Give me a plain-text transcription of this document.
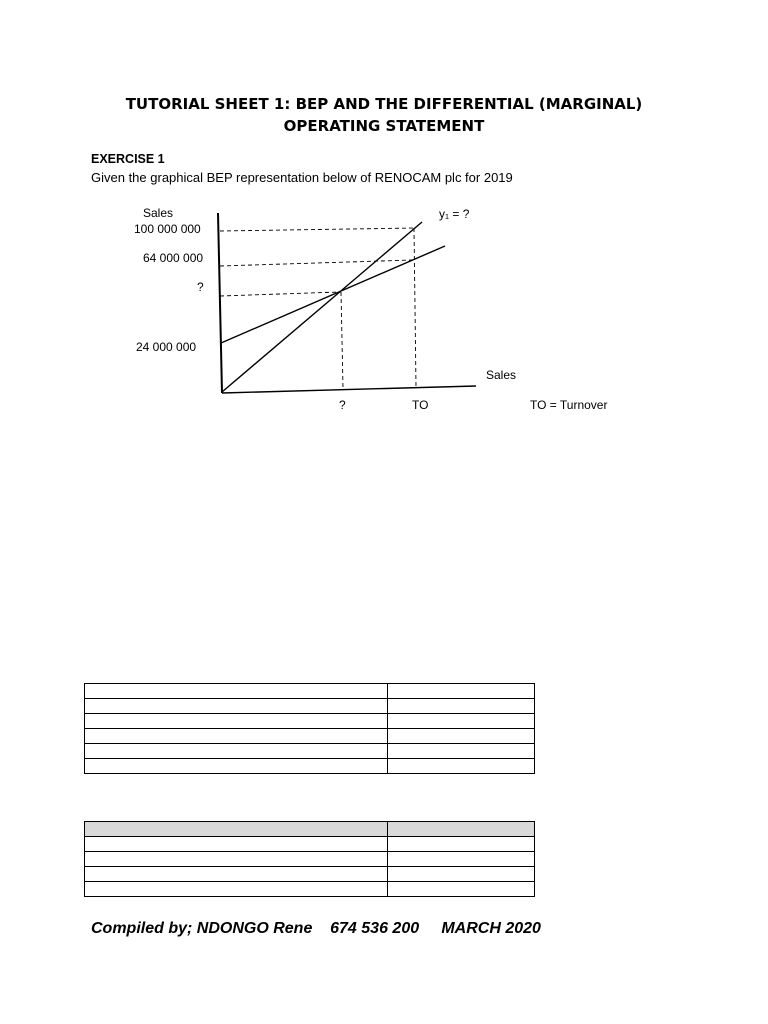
TUTORIAL SHEET 1: BEP AND THE DIFFERENTIAL (MARGINAL)
OPERATING STATEMENT
EXERCISE 1
Given the graphical BEP representation below of RENOCAM plc for 2019
Sales
100 000 000
64 000 000
?
24 000 000
y₁ = ?
Sales
?	TO	TO = Turnover

Compiled by; NDONGO Rene    674 536 200     MARCH 2020
